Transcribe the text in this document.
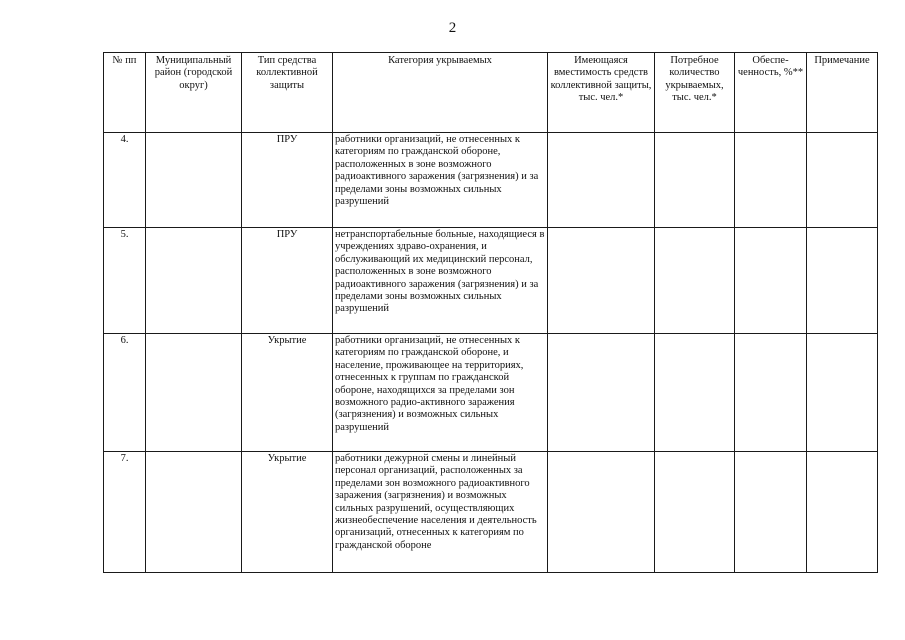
2
№ пп	Муниципальный район (городской округ)	Тип средства коллективной защиты	Категория укрываемых	Имеющаяся вместимость средств коллективной защиты, тыс. чел.*	Потребное количество укрываемых, тыс. чел.*	Обеспе-ченность, %**	Примечание
4.		ПРУ	работники организаций, не отнесенных к категориям по гражданской обороне, расположенных в зоне возможного радиоактивного заражения (загрязнения) и за пределами зоны возможных сильных разрушений				
5.		ПРУ	нетранспортабельные больные, находящиеся в учреждениях здраво-охранения, и обслуживающий их медицинский персонал, расположенных в зоне возможного радиоактивного заражения (загрязнения) и за пределами зоны возможных сильных разрушений				
6.		Укрытие	работники организаций, не отнесенных к категориям по гражданской обороне, и население, проживающее на территориях, отнесенных к группам по гражданской обороне, находящихся за пределами зон возможного радио-активного заражения (загрязнения) и возможных сильных разрушений				
7.		Укрытие	работники дежурной смены и линейный персонал организаций, расположенных за пределами зон возможного радиоактивного заражения (загрязнения) и возможных сильных разрушений, осуществляющих жизнеобеспечение населения и деятельность организаций, отнесенных к категориям по гражданской обороне				
